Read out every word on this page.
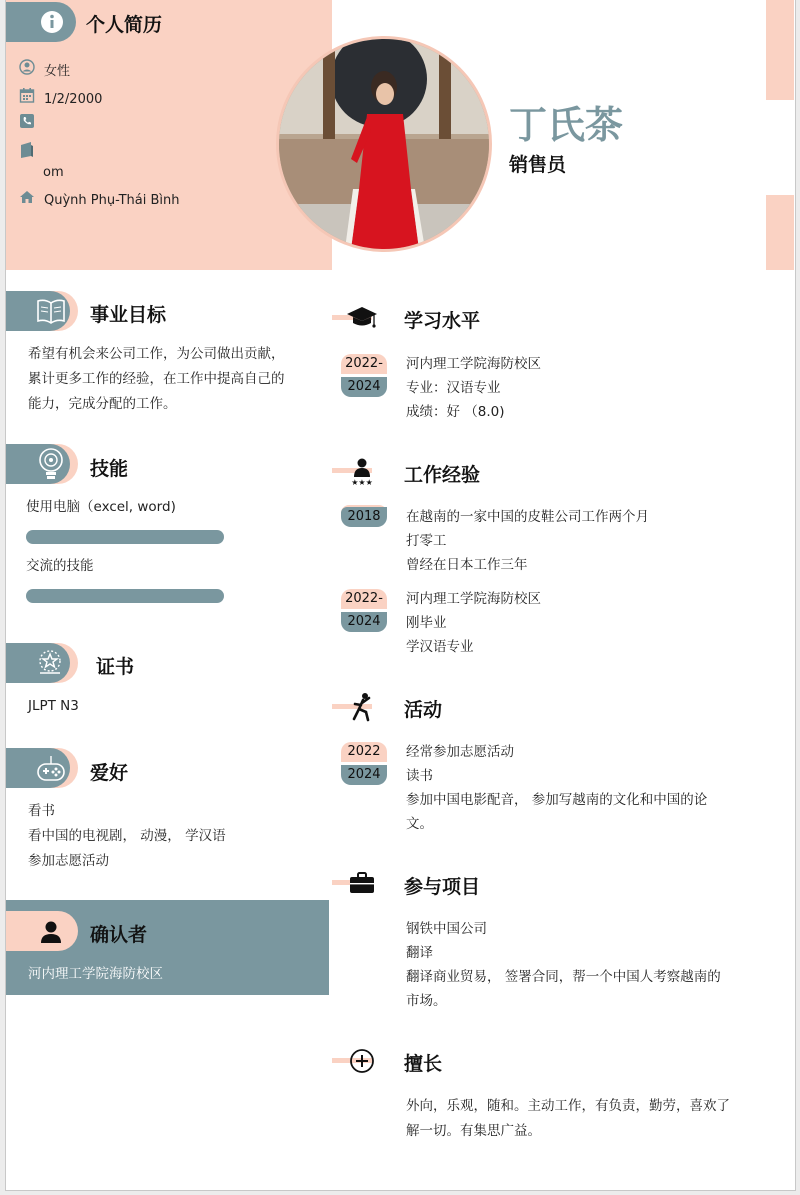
个人简历
女性
1/2/2000
om
Quỳnh Phụ-Thái Bình
丁氏茶
销售员
事业目标
希望有机会来公司工作，为公司做出贡献，
累计更多工作的经验，在工作中提高自己的
能力，完成分配的工作。
技能
使用电脑（excel, word)
交流的技能
证书
JLPT N3
爱好
看书
看中国的电视剧， 动漫， 学汉语
参加志愿活动
确认者
河内理工学院海防校区
学习水平
2022-
2024
河内理工学院海防校区
专业：汉语专业
成绩：好 （8.0)
★★★ 工作经验
2018	在越南的一家中国的皮鞋公司工作两个月
打零工
曾经在日本工作三年
2022-
2024
河内理工学院海防校区
刚毕业
学汉语专业
活动
2022
2024
经常参加志愿活动
读书
参加中国电影配音， 参加写越南的文化和中国的论
文。
参与项目
钢铁中国公司
翻译
翻译商业贸易， 签署合同，帮一个中国人考察越南的
市场。
擅长
外向，乐观，随和。主动工作，有负责，勤劳，喜欢了
解一切。有集思广益。
